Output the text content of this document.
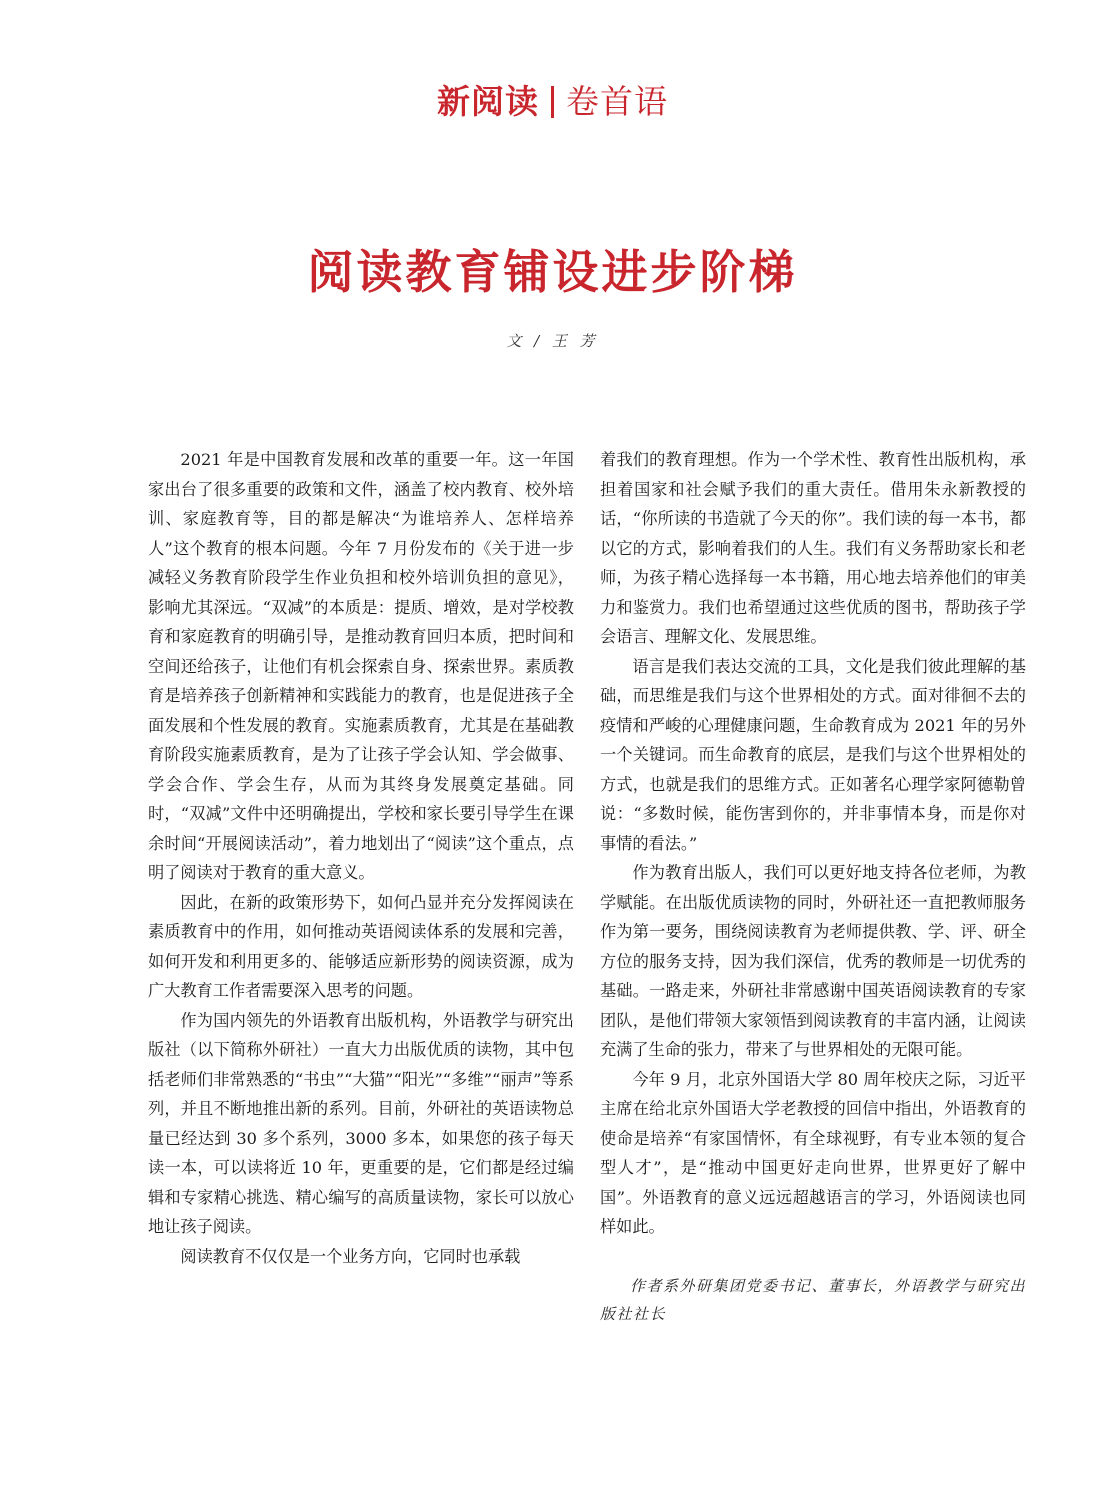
新阅读 卷首语
阅读教育铺设进步阶梯
文 / 王 芳

2021 年是中国教育发展和改革的重要一年。这一年国家出台了很多重要的政策和文件，涵盖了校内教育、校外培训、家庭教育等，目的都是解决“为谁培养人、怎样培养人”这个教育的根本问题。今年 7 月份发布的《关于进一步减轻义务教育阶段学生作业负担和校外培训负担的意见》，影响尤其深远。“双减”的本质是：提质、增效，是对学校教育和家庭教育的明确引导，是推动教育回归本质，把时间和空间还给孩子，让他们有机会探索自身、探索世界。素质教育是培养孩子创新精神和实践能力的教育，也是促进孩子全面发展和个性发展的教育。实施素质教育，尤其是在基础教育阶段实施素质教育，是为了让孩子学会认知、学会做事、学会合作、学会生存，从而为其终身发展奠定基础。同时，“双减”文件中还明确提出，学校和家长要引导学生在课余时间“开展阅读活动”，着力地划出了“阅读”这个重点，点明了阅读对于教育的重大意义。

因此，在新的政策形势下，如何凸显并充分发挥阅读在素质教育中的作用，如何推动英语阅读体系的发展和完善，如何开发和利用更多的、能够适应新形势的阅读资源，成为广大教育工作者需要深入思考的问题。

作为国内领先的外语教育出版机构，外语教学与研究出版社（以下简称外研社）一直大力出版优质的读物，其中包括老师们非常熟悉的“书虫”“大猫”“阳光”“多维”“丽声”等系列，并且不断地推出新的系列。目前，外研社的英语读物总量已经达到 30 多个系列，3000 多本，如果您的孩子每天读一本，可以读将近 10 年，更重要的是，它们都是经过编辑和专家精心挑选、精心编写的高质量读物，家长可以放心地让孩子阅读。

阅读教育不仅仅是一个业务方向，它同时也承载

着我们的教育理想。作为一个学术性、教育性出版机构，承担着国家和社会赋予我们的重大责任。借用朱永新教授的话，“你所读的书造就了今天的你”。我们读的每一本书，都以它的方式，影响着我们的人生。我们有义务帮助家长和老师，为孩子精心选择每一本书籍，用心地去培养他们的审美力和鉴赏力。我们也希望通过这些优质的图书，帮助孩子学会语言、理解文化、发展思维。

语言是我们表达交流的工具，文化是我们彼此理解的基础，而思维是我们与这个世界相处的方式。面对徘徊不去的疫情和严峻的心理健康问题，生命教育成为 2021 年的另外一个关键词。而生命教育的底层，是我们与这个世界相处的方式，也就是我们的思维方式。正如著名心理学家阿德勒曾说：“多数时候，能伤害到你的，并非事情本身，而是你对事情的看法。”

作为教育出版人，我们可以更好地支持各位老师，为教学赋能。在出版优质读物的同时，外研社还一直把教师服务作为第一要务，围绕阅读教育为老师提供教、学、评、研全方位的服务支持，因为我们深信，优秀的教师是一切优秀的基础。一路走来，外研社非常感谢中国英语阅读教育的专家团队，是他们带领大家领悟到阅读教育的丰富内涵，让阅读充满了生命的张力，带来了与世界相处的无限可能。

今年 9 月，北京外国语大学 80 周年校庆之际，习近平主席在给北京外国语大学老教授的回信中指出，外语教育的使命是培养“有家国情怀，有全球视野，有专业本领的复合型人才”，是“推动中国更好走向世界，世界更好了解中国”。外语教育的意义远远超越语言的学习，外语阅读也同样如此。

作者系外研集团党委书记、董事长，外语教学与研究出版社社长
